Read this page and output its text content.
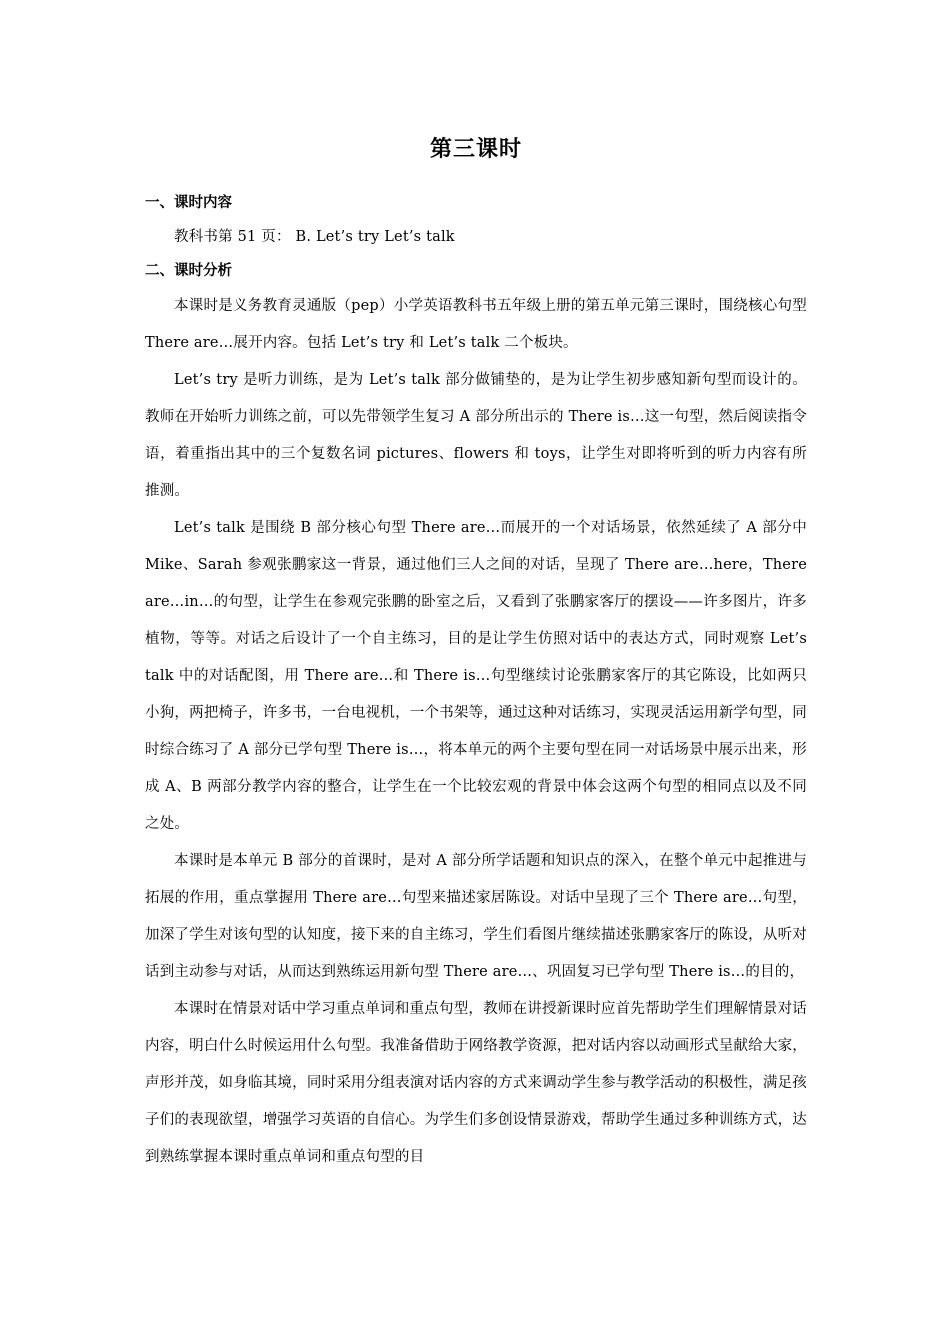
第三课时
一、课时内容

教科书第 51 页： B. Let’s try Let’s talk

二、课时分析

本课时是义务教育灵通版（pep）小学英语教科书五年级上册的第五单元第三课时，围绕核心句型 There are…展开内容。包括 Let’s try 和 Let’s talk 二个板块。

Let’s try 是听力训练，是为 Let’s talk 部分做铺垫的，是为让学生初步感知新句型而设计的。教师在开始听力训练之前，可以先带领学生复习 A 部分所出示的 There is…这一句型，然后阅读指令语，着重指出其中的三个复数名词 pictures、flowers 和 toys，让学生对即将听到的听力内容有所推测。

Let’s talk 是围绕 B 部分核心句型 There are…而展开的一个对话场景，依然延续了 A 部分中 Mike、Sarah 参观张鹏家这一背景，通过他们三人之间的对话，呈现了 There are…here，There are…in…的句型，让学生在参观完张鹏的卧室之后，又看到了张鹏家客厅的摆设——许多图片，许多植物，等等。对话之后设计了一个自主练习，目的是让学生仿照对话中的表达方式，同时观察 Let’s talk 中的对话配图，用 There are…和 There is…句型继续讨论张鹏家客厅的其它陈设，比如两只小狗，两把椅子，许多书，一台电视机，一个书架等，通过这种对话练习，实现灵活运用新学句型，同时综合练习了 A 部分已学句型 There is…，将本单元的两个主要句型在同一对话场景中展示出来，形成 A、B 两部分教学内容的整合，让学生在一个比较宏观的背景中体会这两个句型的相同点以及不同之处。

本课时是本单元 B 部分的首课时，是对 A 部分所学话题和知识点的深入，在整个单元中起推进与拓展的作用，重点掌握用 There are…句型来描述家居陈设。对话中呈现了三个 There are…句型，加深了学生对该句型的认知度，接下来的自主练习，学生们看图片继续描述张鹏家客厅的陈设，从听对话到主动参与对话，从而达到熟练运用新句型 There are…、巩固复习已学句型 There is…的目的，

本课时在情景对话中学习重点单词和重点句型，教师在讲授新课时应首先帮助学生们理解情景对话内容，明白什么时候运用什么句型。我准备借助于网络教学资源，把对话内容以动画形式呈献给大家，声形并茂，如身临其境，同时采用分组表演对话内容的方式来调动学生参与教学活动的积极性，满足孩子们的表现欲望，增强学习英语的自信心。为学生们多创设情景游戏，帮助学生通过多种训练方式，达到熟练掌握本课时重点单词和重点句型的目
